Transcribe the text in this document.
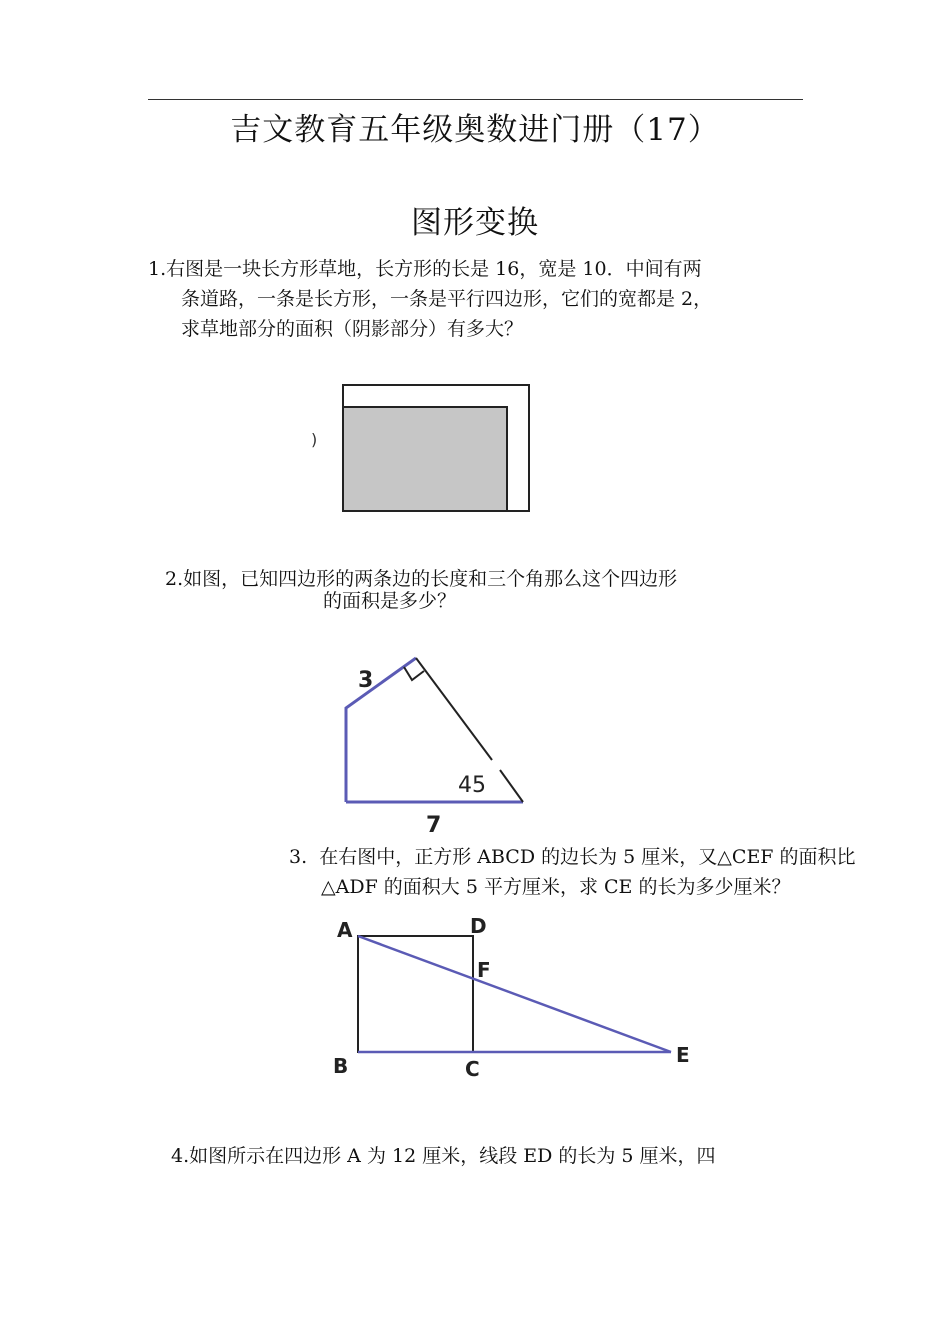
吉文教育五年级奥数进门册（17）
图形变换
1.右图是一块长方形草地，长方形的长是 16，宽是 10．中间有两
条道路，一条是长方形，一条是平行四边形，它们的宽都是 2，
求草地部分的面积（阴影部分）有多大？
)
2.如图，已知四边形的两条边的长度和三个角那么这个四边形
的面积是多少？
3
45
7
3. 在右图中，正方形 ABCD 的边长为 5 厘米，又△CEF 的面积比
△ADF 的面积大 5 平方厘米，求 CE 的长为多少厘米？
A	D
F
B	C
E
4.如图所示在四边形 A 为 12 厘米，线段 ED 的长为 5 厘米，四
